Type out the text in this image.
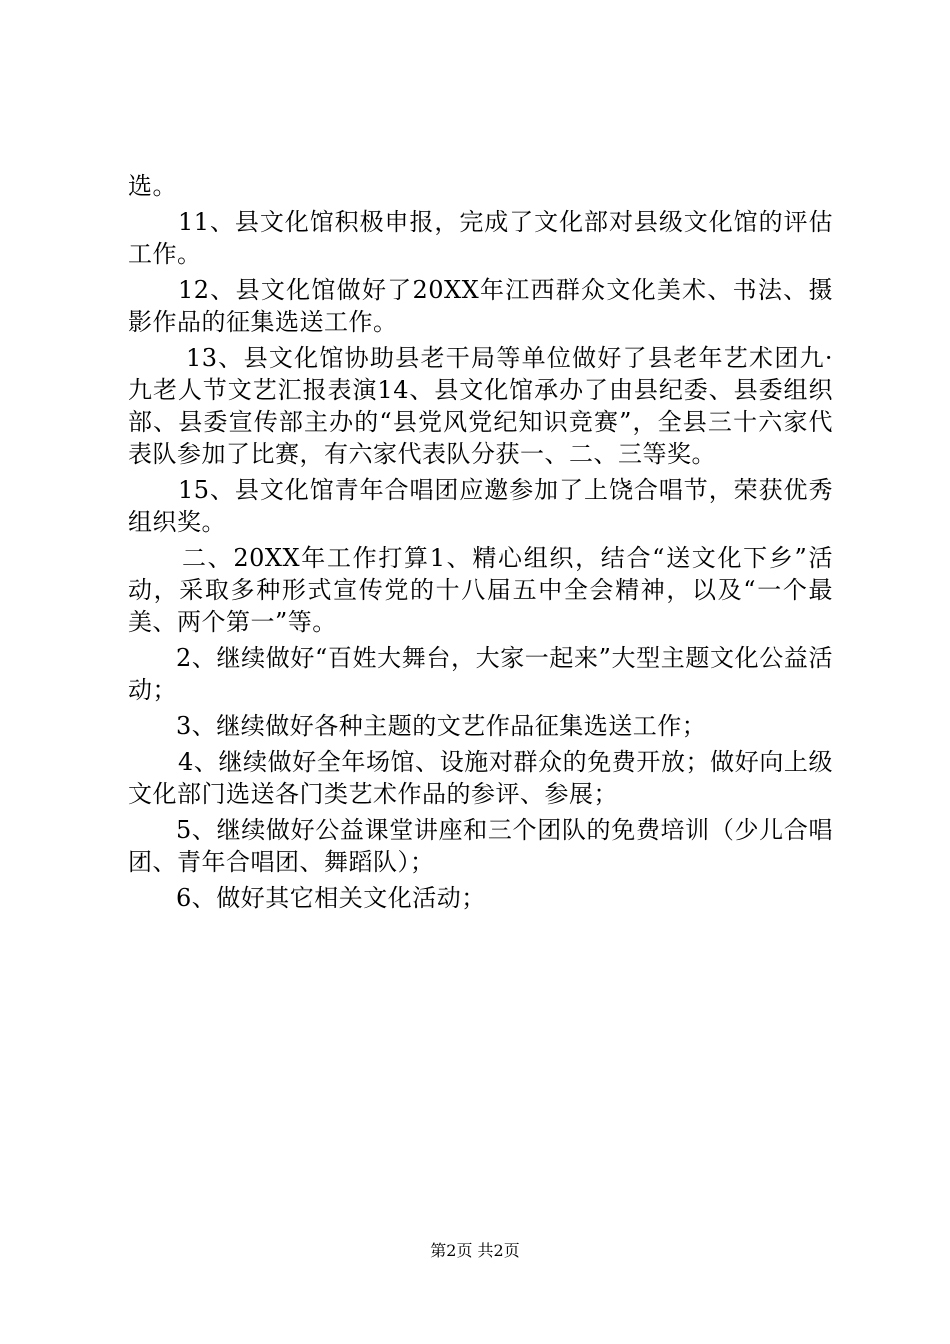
选。

11、县文化馆积极申报，完成了文化部对县级文化馆的评估工作。

12、县文化馆做好了20XX年江西群众文化美术、书法、摄影作品的征集选送工作。

13、县文化馆协助县老干局等单位做好了县老年艺术团九·九老人节文艺汇报表演14、县文化馆承办了由县纪委、县委组织部、县委宣传部主办的“县党风党纪知识竞赛”，全县三十六家代表队参加了比赛，有六家代表队分获一、二、三等奖。

15、县文化馆青年合唱团应邀参加了上饶合唱节，荣获优秀组织奖。

二、20XX年工作打算1、精心组织，结合“送文化下乡”活动，采取多种形式宣传党的十八届五中全会精神，以及“一个最美、两个第一”等。

2、继续做好“百姓大舞台，大家一起来”大型主题文化公益活动；

3、继续做好各种主题的文艺作品征集选送工作；

4、继续做好全年场馆、设施对群众的免费开放；做好向上级文化部门选送各门类艺术作品的参评、参展；

5、继续做好公益课堂讲座和三个团队的免费培训（少儿合唱团、青年合唱团、舞蹈队）；

6、做好其它相关文化活动；

第2页 共2页
